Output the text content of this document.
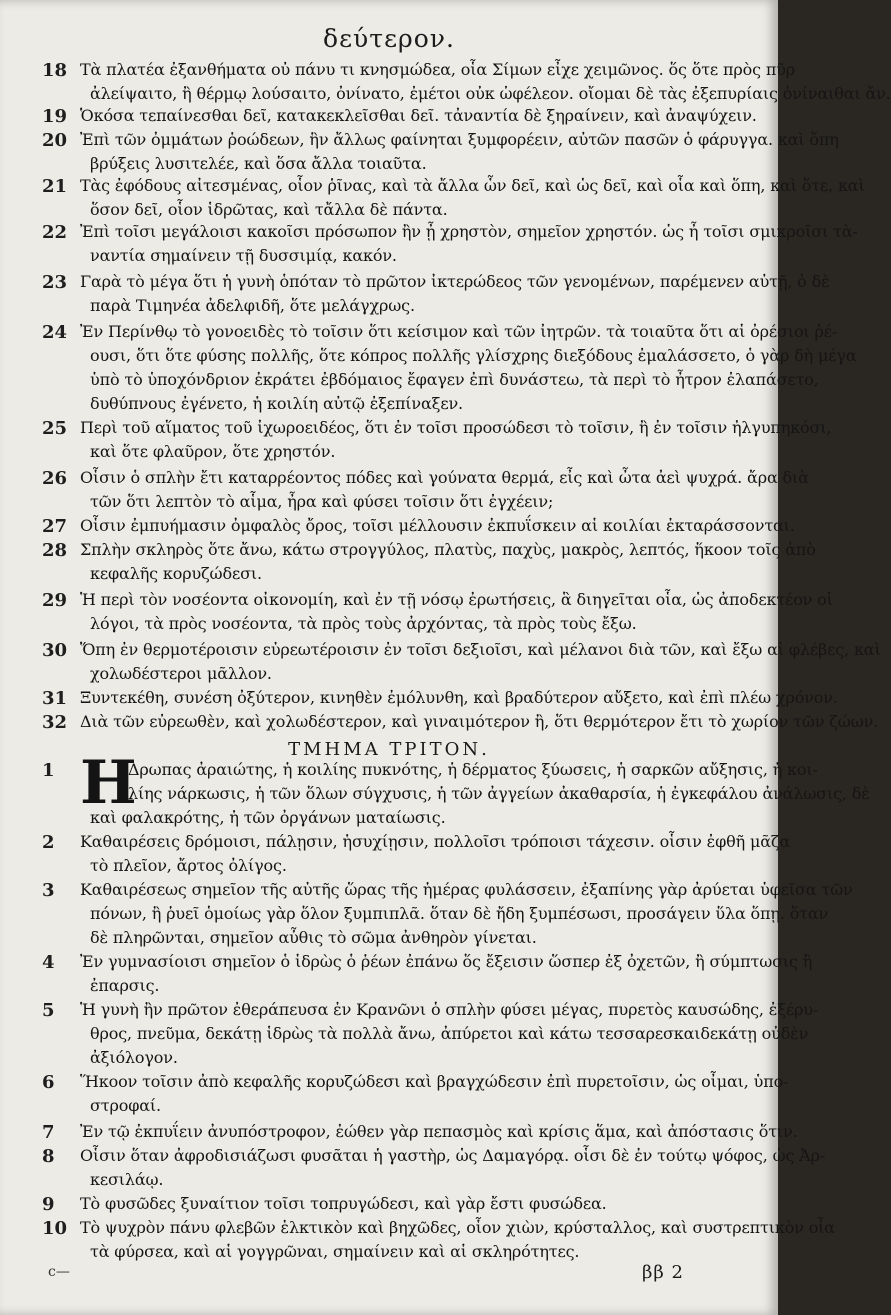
δεύτερον.
18 Τὰ πλατέα ἐξανθήματα οὐ πάνυ τι κνησμώδεα, οἷα Σίμων εἶχε χειμῶνος. ὅς ὅτε πρὸς πῦρ
ἀλείψαιτο, ἢ θέρμῳ λούσαιτο, ὀνίνατο, ἐμέτοι οὐκ ὠφέλεον. οἴομαι δὲ τὰς ἐξεπυρίαις ὀνίναιθαι ἄν.
19 Ὁκόσα τεπαίνεσθαι δεῖ, κατακεκλεῖσθαι δεῖ. τἀναντία δὲ ξηραίνειν, καὶ ἀναψύχειν.
20 Ἐπὶ τῶν ὀμμάτων ῥοώδεων, ἣν ἄλλως φαίνηται ξυμφορέειν, αὐτῶν πασῶν ὁ φάρυγγα. καὶ ὅπη
βρύξεις λυσιτελέε, καὶ ὅσα ἄλλα τοιαῦτα.
21 Τὰς ἐφόδους αἰτεσμένας, οἷον ῥῖνας, καὶ τὰ ἄλλα ὧν δεῖ, καὶ ὡς δεῖ, καὶ οἷα καὶ ὅπη, καὶ ὅτε, καὶ
ὅσον δεῖ, οἷον ἱδρῶτας, καὶ τἄλλα δὲ πάντα.
22 Ἐπὶ τοῖσι μεγάλοισι κακοῖσι πρόσωπον ἢν ᾖ χρηστὸν, σημεῖον χρηστόν. ὡς ἦ τοῖσι σμικροῖσι τὰ-
ναντία σημαίνειν τῇ δυσσιμίᾳ, κακόν.
23 Γαρὰ τὸ μέγα ὅτι ἡ γυνὴ ὁπόταν τὸ πρῶτον ἰκτερώδεος τῶν γενομένων, παρέμενεν αὐτῇ, ὁ δὲ
παρὰ Τιμηνέα ἀδελφιδῆ, ὅτε μελάγχρως.
24 Ἐν Περίνθῳ τὸ γονοειδὲς τὸ τοῖσιν ὅτι κείσιμον καὶ τῶν ἰητρῶν. τὰ τοιαῦτα ὅτι αἱ ὀρέσιοι ῥέ-
ουσι, ὅτι ὅτε φύσης πολλῆς, ὅτε κόπρος πολλῆς γλίσχρης διεξόδους ἐμαλάσσετο, ὁ γὰρ δὴ μέγα
ὑπὸ τὸ ὑποχόνδριον ἐκράτει ἐβδόμαιος ἔφαγεν ἐπὶ δυνάστεω, τὰ περὶ τὸ ἦτρον ἐλαπάσετο,
δυθύπνους ἐγένετο, ἡ κοιλίη αὐτῷ ἐξεπίναξεν.
25 Περὶ τοῦ αἵματος τοῦ ἰχωροειδέος, ὅτι ἐν τοῖσι προσώδεσι τὸ τοῖσιν, ἢ ἐν τοῖσιν ἠλγυπηκόσι,
καὶ ὅτε φλαῦρον, ὅτε χρηστόν.
26 Οἷσιν ὁ σπλὴν ἔτι καταρρέοντος πόδες καὶ γούνατα θερμά, εἶς καὶ ὦτα ἀεὶ ψυχρά. ἄρα διὰ
τῶν ὅτι λεπτὸν τὸ αἷμα, ἦρα καὶ φύσει τοῖσιν ὅτι ἐγχέειν;
27 Οἷσιν ἐμπυήμασιν ὀμφαλὸς ὄρος, τοῖσι μέλλουσιν ἐκπυΐσκειν αἱ κοιλίαι ἐκταράσσονται.
28 Σπλὴν σκληρὸς ὅτε ἄνω, κάτω στρογγύλος, πλατὺς, παχὺς, μακρὸς, λεπτός, ἥκοον τοῖς ἀπὸ
κεφαλῆς κορυζώδεσι.
29 Ἡ περὶ τὸν νοσέοντα οἰκονομίη, καὶ ἐν τῇ νόσῳ ἐρωτήσεις, ἃ διηγεῖται οἷα, ὡς ἀποδεκτέον οἱ
λόγοι, τὰ πρὸς νοσέοντα, τὰ πρὸς τοὺς ἀρχόντας, τὰ πρὸς τοὺς ἔξω.
30 Ὅπη ἐν θερμοτέροισιν εὐρεωτέροισιν ἐν τοῖσι δεξιοῖσι, καὶ μέλανοι διὰ τῶν, καὶ ἔξω αἱ φλέβες, καὶ
χολωδέστεροι μᾶλλον.
31 Ξυντεκέθη, συνέση ὀξύτερον, κινηθὲν ἐμόλυνθη, καὶ βραδύτερον αὔξετο, καὶ ἐπὶ πλέω χρόνον.
32 Διὰ τῶν εὐρεωθὲν, καὶ χολωδέστερον, καὶ γιναιμότερον ἢ, ὅτι θερμότερον ἔτι τὸ χωρίον τῶν ζώων.
1	Δρωπας ἀραιώτης, ἡ κοιλίης πυκνότης, ἡ δέρματος ξύωσεις, ἡ σαρκῶν αὔξησις, ἡ κοι-
λίης νάρκωσις, ἡ τῶν ὅλων σύγχυσις, ἡ τῶν ἀγγείων ἀκαθαρσία, ἡ ἐγκεφάλου ἀνάλωσις, δὲ
καὶ φαλακρότης, ἡ τῶν ὀργάνων ματαίωσις.
2	Καθαιρέσεις δρόμοισι, πάλῃσιν, ἡσυχίῃσιν, πολλοῖσι τρόποισι τάχεσιν. οἷσιν ἐφθῆ μᾶζα
τὸ πλεῖον, ἄρτος ὀλίγος.
3	Καθαιρέσεως σημεῖον τῆς αὐτῆς ὥρας τῆς ἡμέρας φυλάσσειν, ἐξαπίνης γὰρ ἀρύεται ὑφεῖσα τῶν
πόνων, ἢ ῥυεῖ ὁμοίως γὰρ ὅλον ξυμπιπλᾶ. ὅταν δὲ ἤδη ξυμπέσωσι, προσάγειν ὕλα ὅπῃ. ὅταν
δὲ πληρῶνται, σημεῖον αὖθις τὸ σῶμα ἀνθηρὸν γίνεται.
4	Ἐν γυμνασίοισι σημεῖον ὁ ἱδρὼς ὁ ῥέων ἐπάνω ὅς ἔξεισιν ὥσπερ ἐξ ὀχετῶν, ἢ σύμπτωσις ἢ
ἐπαρσις.
5	Ἡ γυνὴ ἢν πρῶτον ἐθεράπευσα ἐν Κρανῶνι ὁ σπλὴν φύσει μέγας, πυρετὸς καυσώδης, ἐξέρυ-
θρος, πνεῦμα, δεκάτῃ ἱδρὼς τὰ πολλὰ ἄνω, ἀπύρετοι καὶ κάτω τεσσαρεσκαιδεκάτῃ οὐδὲν
ἀξιόλογον.
6	Ἥκοον τοῖσιν ἀπὸ κεφαλῆς κορυζώδεσι καὶ βραγχώδεσιν ἐπὶ πυρετοῖσιν, ὡς οἶμαι, ὑπο-
στροφαί.
7	Ἐν τῷ ἐκπυΐειν ἀνυπόστροφον, ἐώθεν γὰρ πεπασμὸς καὶ κρίσις ἅμα, καὶ ἀπόστασις ὅτιν.
8	Οἷσιν ὅταν ἀφροδισιάζωσι φυσᾶται ἡ γαστὴρ, ὡς Δαμαγόρᾳ. οἷσι δὲ ἐν τούτῳ ψόφος, ὡς Ἀρ-
κεσιλάῳ.
9	Τὸ φυσῶδες ξυναίτιον τοῖσι τοπρυγώδεσι, καὶ γὰρ ἔστι φυσώδεα.
10 Τὸ ψυχρὸν πάνυ φλεβῶν ἑλκτικὸν καὶ βηχῶδες, οἷον χιὼν, κρύσταλλος, καὶ συστρεπτικὸν οἷα
τὰ φύρσεα, καὶ αἱ γογγρῶναι, σημαίνειν καὶ αἱ σκληρότητες.
ΤΜΗΜΑ ΤΡΙΤΟΝ.
Η
c—	ββ 2
